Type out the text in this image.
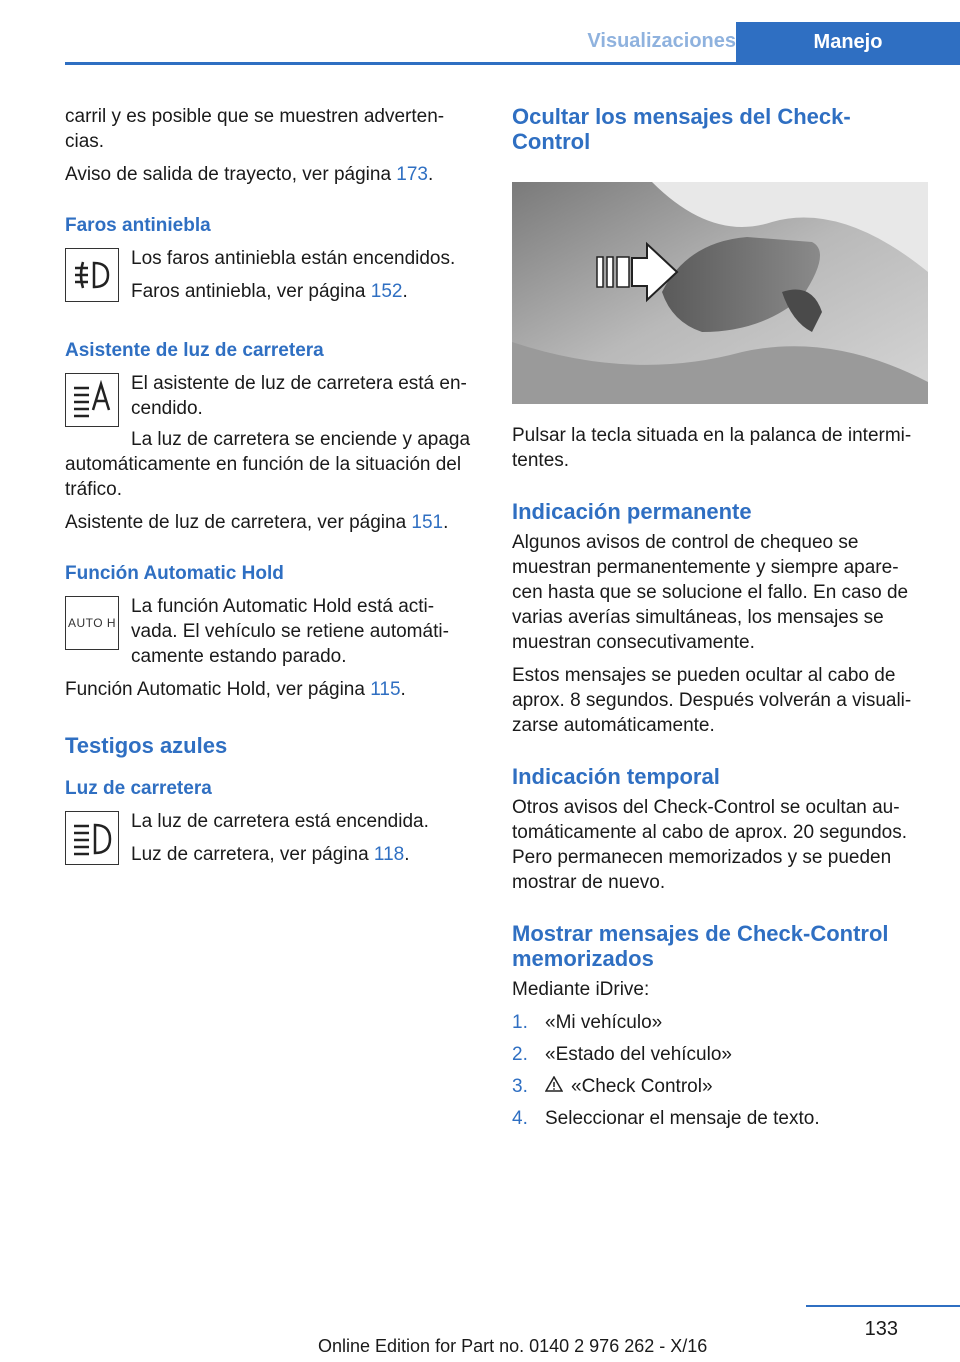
Visualizaciones	Manejo

carril y es posible que se muestren adverten‐ cias.

Aviso de salida de trayecto, ver página 173.

Faros antiniebla

Los faros antiniebla están encendidos.

Faros antiniebla, ver página 152.

Asistente de luz de carretera

El asistente de luz de carretera está en‐ cendido.

La luz de carretera se enciende y apaga automáticamente en función de la situación del tráfico.

Asistente de luz de carretera, ver página 151.

Función Automatic Hold
AUTO H

La función Automatic Hold está acti‐ vada. El vehículo se retiene automáti‐ camente estando parado.

Función Automatic Hold, ver página 115.

Testigos azules
Luz de carretera

La luz de carretera está encendida.

Luz de carretera, ver página 118.

Ocultar los mensajes del Check- Control

Pulsar la tecla situada en la palanca de intermi‐ tentes.

Indicación permanente

Algunos avisos de control de chequeo se muestran permanentemente y siempre apare‐ cen hasta que se solucione el fallo. En caso de varias averías simultáneas, los mensajes se muestran consecutivamente.

Estos mensajes se pueden ocultar al cabo de aprox. 8 segundos. Después volverán a visuali‐ zarse automáticamente.

Indicación temporal

Otros avisos del Check-Control se ocultan au‐ tomáticamente al cabo de aprox. 20 segundos. Pero permanecen memorizados y se pueden mostrar de nuevo.

Mostrar mensajes de Check-Control memorizados

Mediante iDrive:

1. «Mi vehículo»
2. «Estado del vehículo»
3. «Check Control»
4. Seleccionar el mensaje de texto.
133
Online Edition for Part no. 0140 2 976 262 - X/16
